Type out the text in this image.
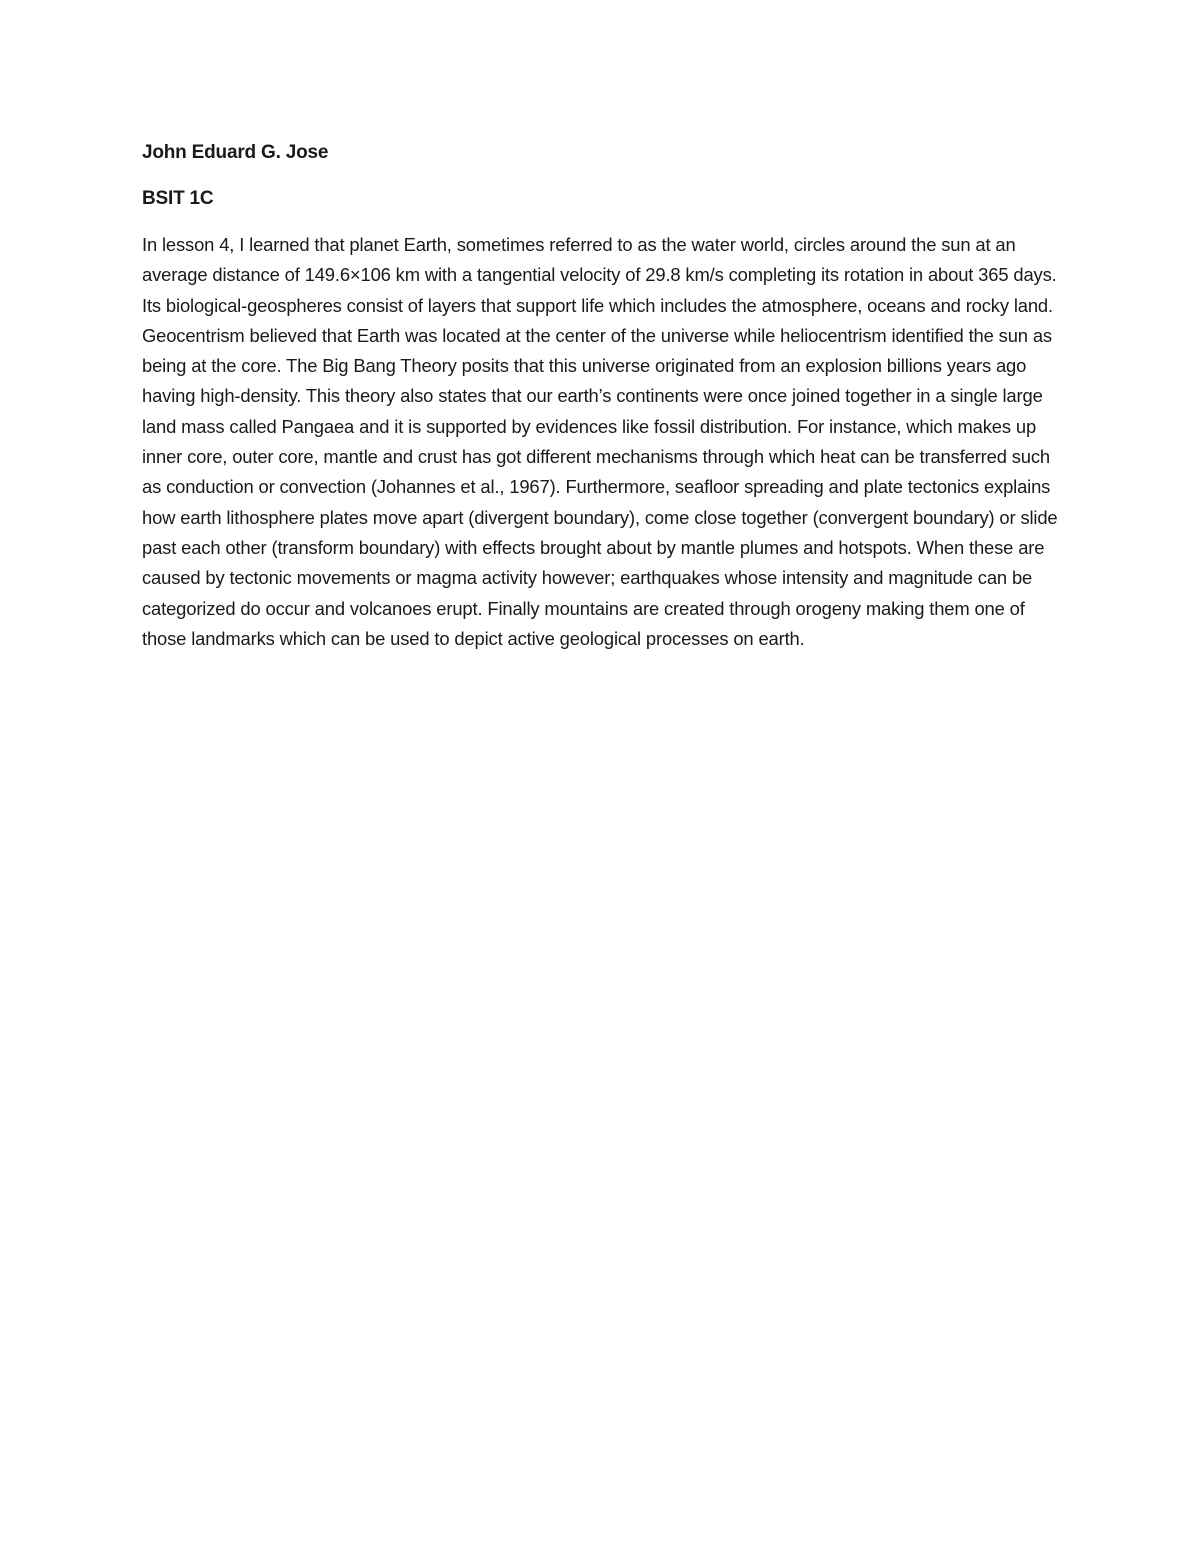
John Eduard G. Jose
BSIT 1C

In lesson 4, I learned that planet Earth, sometimes referred to as the water world, circles around the sun at an average distance of 149.6×106 km with a tangential velocity of 29.8 km/s completing its rotation in about 365 days. Its biological-geospheres consist of layers that support life which includes the atmosphere, oceans and rocky land. Geocentrism believed that Earth was located at the center of the universe while heliocentrism identified the sun as being at the core. The Big Bang Theory posits that this universe originated from an explosion billions years ago having high-density. This theory also states that our earth’s continents were once joined together in a single large land mass called Pangaea and it is supported by evidences like fossil distribution. For instance, which makes up inner core, outer core, mantle and crust has got different mechanisms through which heat can be transferred such as conduction or convection (Johannes et al., 1967). Furthermore, seafloor spreading and plate tectonics explains how earth lithosphere plates move apart (divergent boundary), come close together (convergent boundary) or slide past each other (transform boundary) with effects brought about by mantle plumes and hotspots. When these are caused by tectonic movements or magma activity however; earthquakes whose intensity and magnitude can be categorized do occur and volcanoes erupt. Finally mountains are created through orogeny making them one of those landmarks which can be used to depict active geological processes on earth.
